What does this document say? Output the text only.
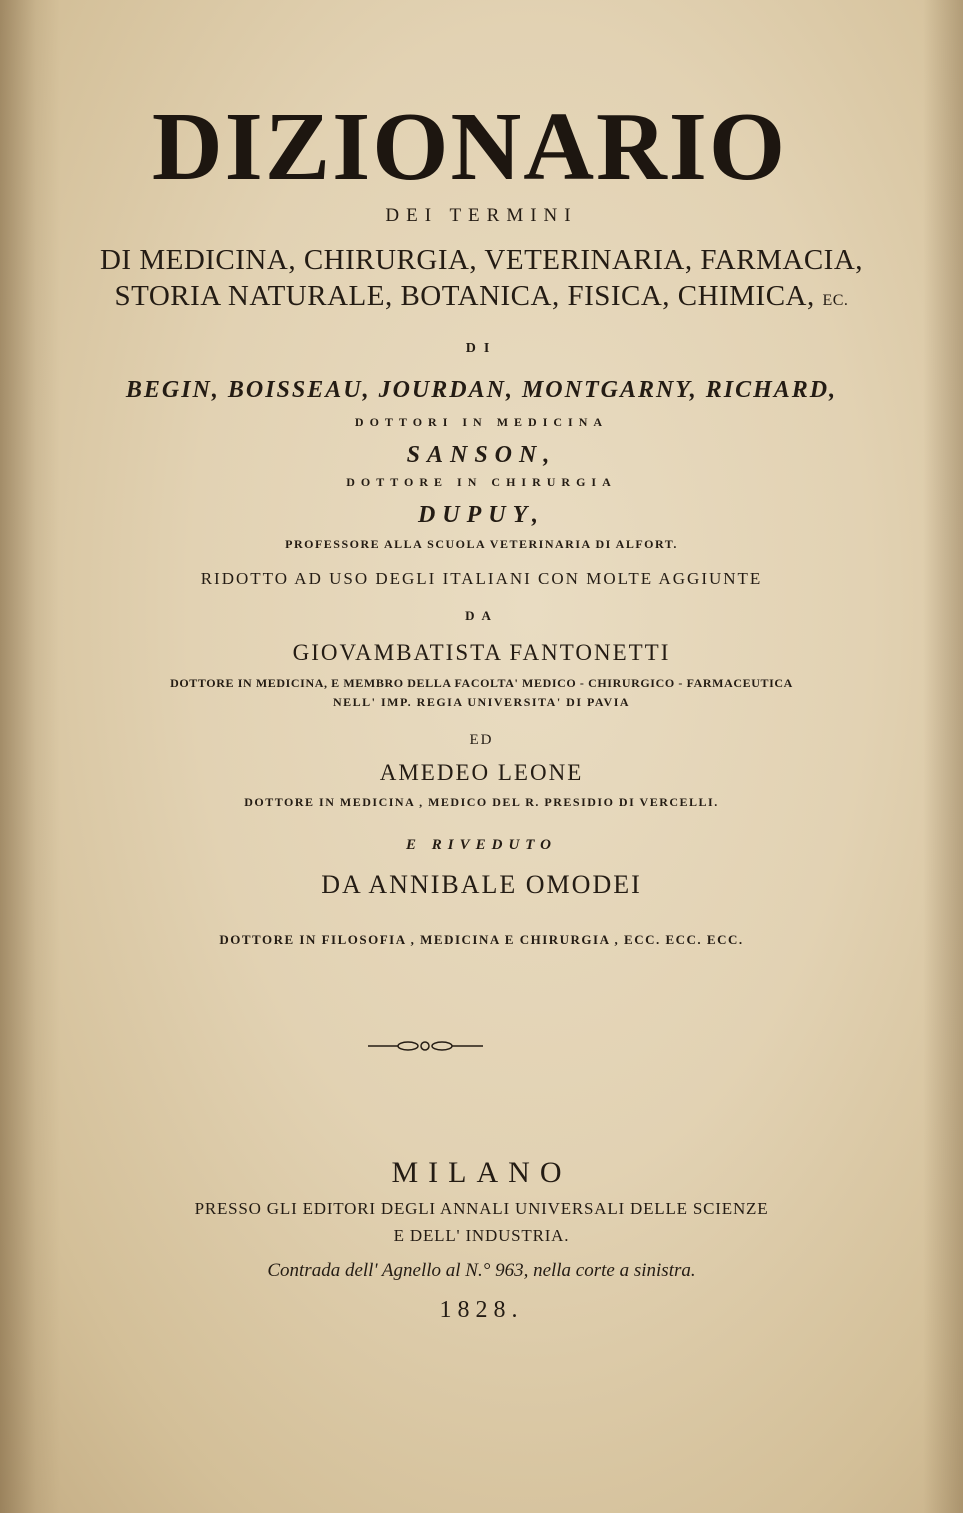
DIZIONARIO
DEI TERMINI
DI MEDICINA, CHIRURGIA, VETERINARIA, FARMACIA,
STORIA NATURALE, BOTANICA, FISICA, CHIMICA, EC.
DI
BEGIN, BOISSEAU, JOURDAN, MONTGARNY, RICHARD,
DOTTORI IN MEDICINA
SANSON,
DOTTORE IN CHIRURGIA
DUPUY,
PROFESSORE ALLA SCUOLA VETERINARIA DI ALFORT.
RIDOTTO AD USO DEGLI ITALIANI CON MOLTE AGGIUNTE
DA
GIOVAMBATISTA FANTONETTI
DOTTORE IN MEDICINA, E MEMBRO DELLA FACOLTA' MEDICO - CHIRURGICO - FARMACEUTICA
NELL' IMP. REGIA UNIVERSITA' DI PAVIA
ED
AMEDEO LEONE
DOTTORE IN MEDICINA , MEDICO DEL R. PRESIDIO DI VERCELLI.
E RIVEDUTO
DA ANNIBALE OMODEI
DOTTORE IN FILOSOFIA , MEDICINA E CHIRURGIA , ECC. ECC. ECC.
MILANO
PRESSO GLI EDITORI DEGLI ANNALI UNIVERSALI DELLE SCIENZE
E DELL' INDUSTRIA.
Contrada dell' Agnello al N.° 963, nella corte a sinistra.
1828.
